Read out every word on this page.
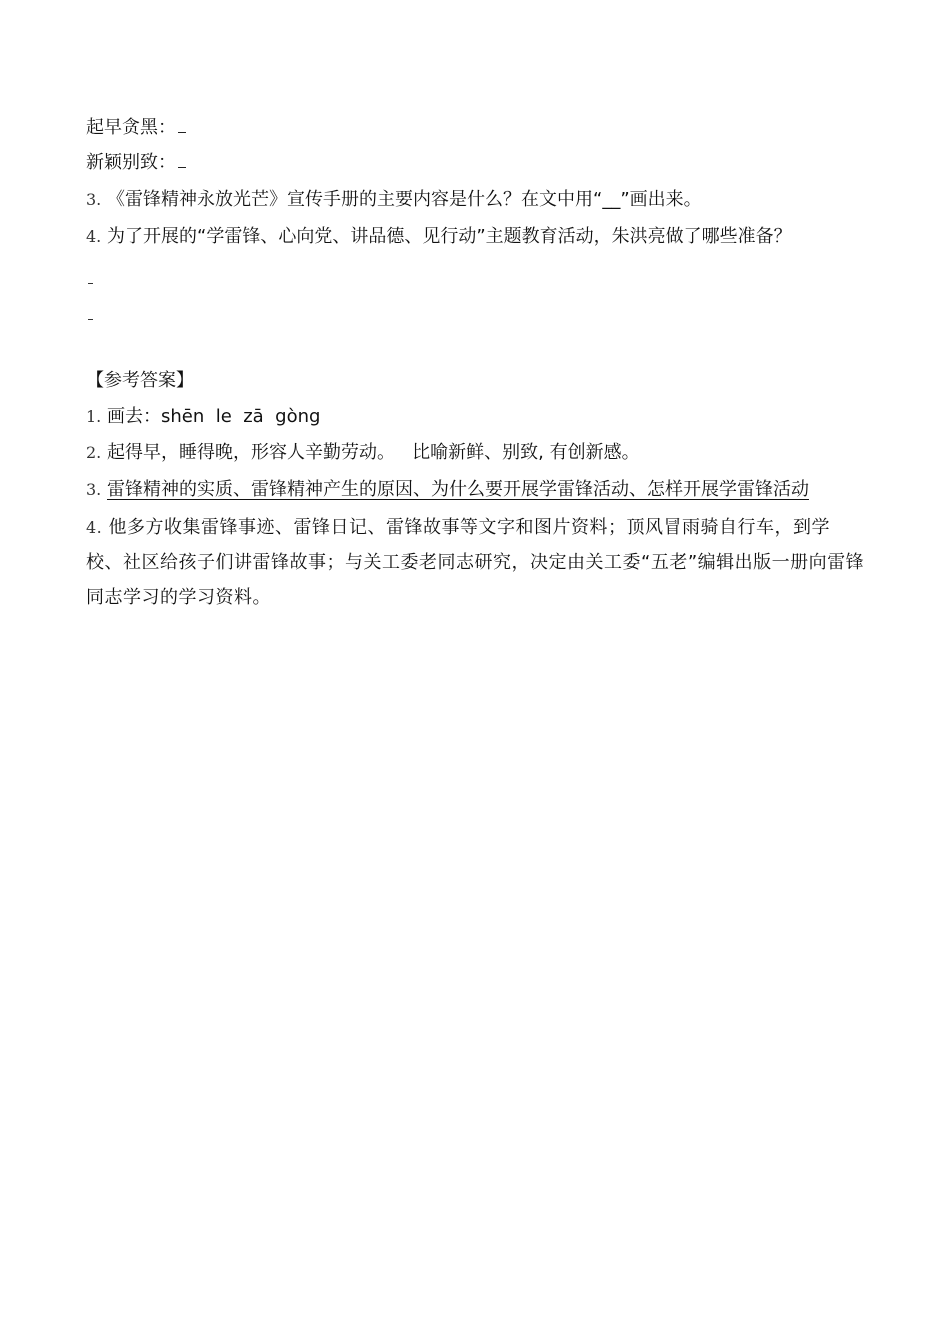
起早贪黑：
新颖别致：
3. 《雷锋精神永放光芒》宣传手册的主要内容是什么？在文中用“__”画出来。
4. 为了开展的“学雷锋、心向党、讲品德、见行动”主题教育活动，朱洪亮做了哪些准备？
【参考答案】
1. 画去：shēn  le  zā  gòng
2. 起得早，睡得晚，形容人辛勤劳动。   比喻新鲜、别致, 有创新感。
3. 雷锋精神的实质、雷锋精神产生的原因、为什么要开展学雷锋活动、怎样开展学雷锋活动
4. 他多方收集雷锋事迹、雷锋日记、雷锋故事等文字和图片资料；顶风冒雨骑自行车，到学校、社区给孩子们讲雷锋故事；与关工委老同志研究，决定由关工委“五老”编辑出版一册向雷锋同志学习的学习资料。
